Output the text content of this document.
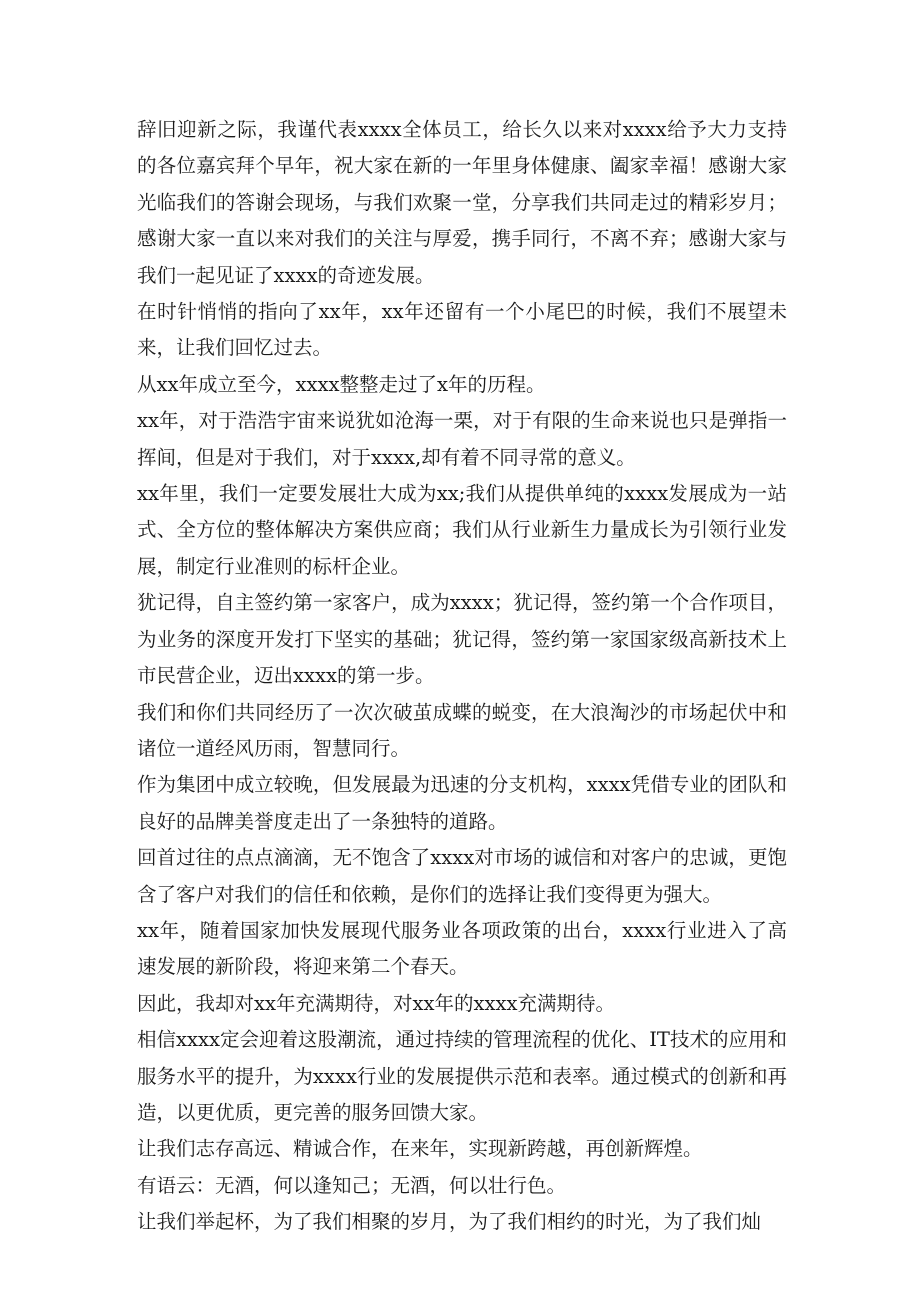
辞旧迎新之际，我谨代表xxxx全体员工，给长久以来对xxxx给予大力支持的各位嘉宾拜个早年，祝大家在新的一年里身体健康、阖家幸福！感谢大家光临我们的答谢会现场，与我们欢聚一堂，分享我们共同走过的精彩岁月；感谢大家一直以来对我们的关注与厚爱，携手同行，不离不弃；感谢大家与我们一起见证了xxxx的奇迹发展。

在时针悄悄的指向了xx年，xx年还留有一个小尾巴的时候，我们不展望未来，让我们回忆过去。

从xx年成立至今，xxxx整整走过了x年的历程。

xx年，对于浩浩宇宙来说犹如沧海一栗，对于有限的生命来说也只是弹指一挥间，但是对于我们，对于xxxx,却有着不同寻常的意义。

xx年里，我们一定要发展壮大成为xx;我们从提供单纯的xxxx发展成为一站式、全方位的整体解决方案供应商；我们从行业新生力量成长为引领行业发展，制定行业准则的标杆企业。

犹记得，自主签约第一家客户，成为xxxx；犹记得，签约第一个合作项目，为业务的深度开发打下坚实的基础；犹记得，签约第一家国家级高新技术上市民营企业，迈出xxxx的第一步。

我们和你们共同经历了一次次破茧成蝶的蜕变，在大浪淘沙的市场起伏中和诸位一道经风历雨，智慧同行。

作为集团中成立较晚，但发展最为迅速的分支机构，xxxx凭借专业的团队和良好的品牌美誉度走出了一条独特的道路。

回首过往的点点滴滴，无不饱含了xxxx对市场的诚信和对客户的忠诚，更饱含了客户对我们的信任和依赖，是你们的选择让我们变得更为强大。

xx年，随着国家加快发展现代服务业各项政策的出台，xxxx行业进入了高速发展的新阶段，将迎来第二个春天。

因此，我却对xx年充满期待，对xx年的xxxx充满期待。

相信xxxx定会迎着这股潮流，通过持续的管理流程的优化、IT技术的应用和服务水平的提升，为xxxx行业的发展提供示范和表率。通过模式的创新和再造，以更优质，更完善的服务回馈大家。

让我们志存高远、精诚合作，在来年，实现新跨越，再创新辉煌。

有语云：无酒，何以逢知己；无酒，何以壮行色。

让我们举起杯，为了我们相聚的岁月，为了我们相约的时光，为了我们灿
